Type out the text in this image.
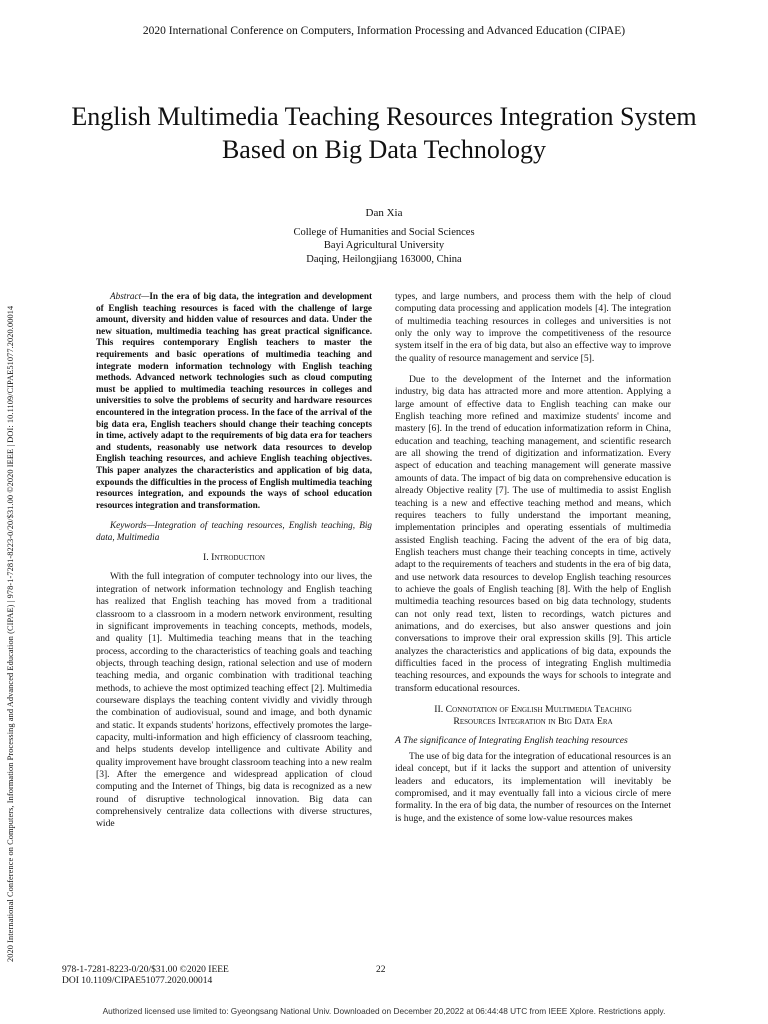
2020 International Conference on Computers, Information Processing and Advanced Education (CIPAE)
English Multimedia Teaching Resources Integration System Based on Big Data Technology
Dan Xia
College of Humanities and Social Sciences
Bayi Agricultural University
Daqing, Heilongjiang 163000, China
2020 International Conference on Computers, Information Processing and Advanced Education (CIPAE) | 978-1-7281-8223-0/20/$31.00 ©2020 IEEE | DOI: 10.1109/CIPAE51077.2020.00014

Abstract—In the era of big data, the integration and development of English teaching resources is faced with the challenge of large amount, diversity and hidden value of resources and data. Under the new situation, multimedia teaching has great practical significance. This requires contemporary English teachers to master the requirements and basic operations of multimedia teaching and integrate modern information technology with English teaching methods. Advanced network technologies such as cloud computing must be applied to multimedia teaching resources in colleges and universities to solve the problems of security and hardware resources encountered in the integration process. In the face of the arrival of the big data era, English teachers should change their teaching concepts in time, actively adapt to the requirements of big data era for teachers and students, reasonably use network data resources to develop English teaching resources, and achieve English teaching objectives. This paper analyzes the characteristics and application of big data, expounds the difficulties in the process of English multimedia teaching resources integration, and expounds the ways of school education resources integration and transformation.

Keywords—Integration of teaching resources, English teaching, Big data, Multimedia

I. Introduction

With the full integration of computer technology into our lives, the integration of network information technology and English teaching has realized that English teaching has moved from a traditional classroom to a classroom in a modern network environment, resulting in significant improvements in teaching concepts, methods, models, and quality [1]. Multimedia teaching means that in the teaching process, according to the characteristics of teaching goals and teaching objects, through teaching design, rational selection and use of modern teaching media, and organic combination with traditional teaching methods, to achieve the most optimized teaching effect [2]. Multimedia courseware displays the teaching content vividly and vividly through the combination of audiovisual, sound and image, and both dynamic and static. It expands students' horizons, effectively promotes the large-capacity, multi-information and high efficiency of classroom teaching, and helps students develop intelligence and cultivate Ability and quality improvement have brought classroom teaching into a new realm [3]. After the emergence and widespread application of cloud computing and the Internet of Things, big data is recognized as a new round of disruptive technological innovation. Big data can comprehensively centralize data collections with diverse structures, wide

types, and large numbers, and process them with the help of cloud computing data processing and application models [4]. The integration of multimedia teaching resources in colleges and universities is not only the only way to improve the competitiveness of the resource system itself in the era of big data, but also an effective way to improve the quality of resource management and service [5].

Due to the development of the Internet and the information industry, big data has attracted more and more attention. Applying a large amount of effective data to English teaching can make our English teaching more refined and maximize students' income and mastery [6]. In the trend of education informatization reform in China, education and teaching, teaching management, and scientific research are all showing the trend of digitization and informatization. Every aspect of education and teaching management will generate massive amounts of data. The impact of big data on comprehensive education is already Objective reality [7]. The use of multimedia to assist English teaching is a new and effective teaching method and means, which requires teachers to fully understand the important meaning, implementation principles and operating essentials of multimedia assisted English teaching. Facing the advent of the era of big data, English teachers must change their teaching concepts in time, actively adapt to the requirements of teachers and students in the era of big data, and use network data resources to develop English teaching resources to achieve the goals of English teaching [8]. With the help of English multimedia teaching resources based on big data technology, students can not only read text, listen to recordings, watch pictures and animations, and do exercises, but also answer questions and join conversations to improve their oral expression skills [9]. This article analyzes the characteristics and applications of big data, expounds the difficulties faced in the process of integrating English multimedia teaching resources, and expounds the ways for schools to integrate and transform educational resources.

II. Connotation of English Multimedia Teaching
Resources Integration in Big Data Era

A The significance of Integrating English teaching resources

The use of big data for the integration of educational resources is an ideal concept, but if it lacks the support and attention of university leaders and educators, its implementation will inevitably be compromised, and it may eventually fall into a vicious circle of mere formality. In the era of big data, the number of resources on the Internet is huge, and the existence of some low-value resources makes

978-1-7281-8223-0/20/$31.00 ©2020 IEEE
DOI 10.1109/CIPAE51077.2020.00014
22
Authorized licensed use limited to: Gyeongsang National Univ. Downloaded on December 20,2022 at 06:44:48 UTC from IEEE Xplore. Restrictions apply.
